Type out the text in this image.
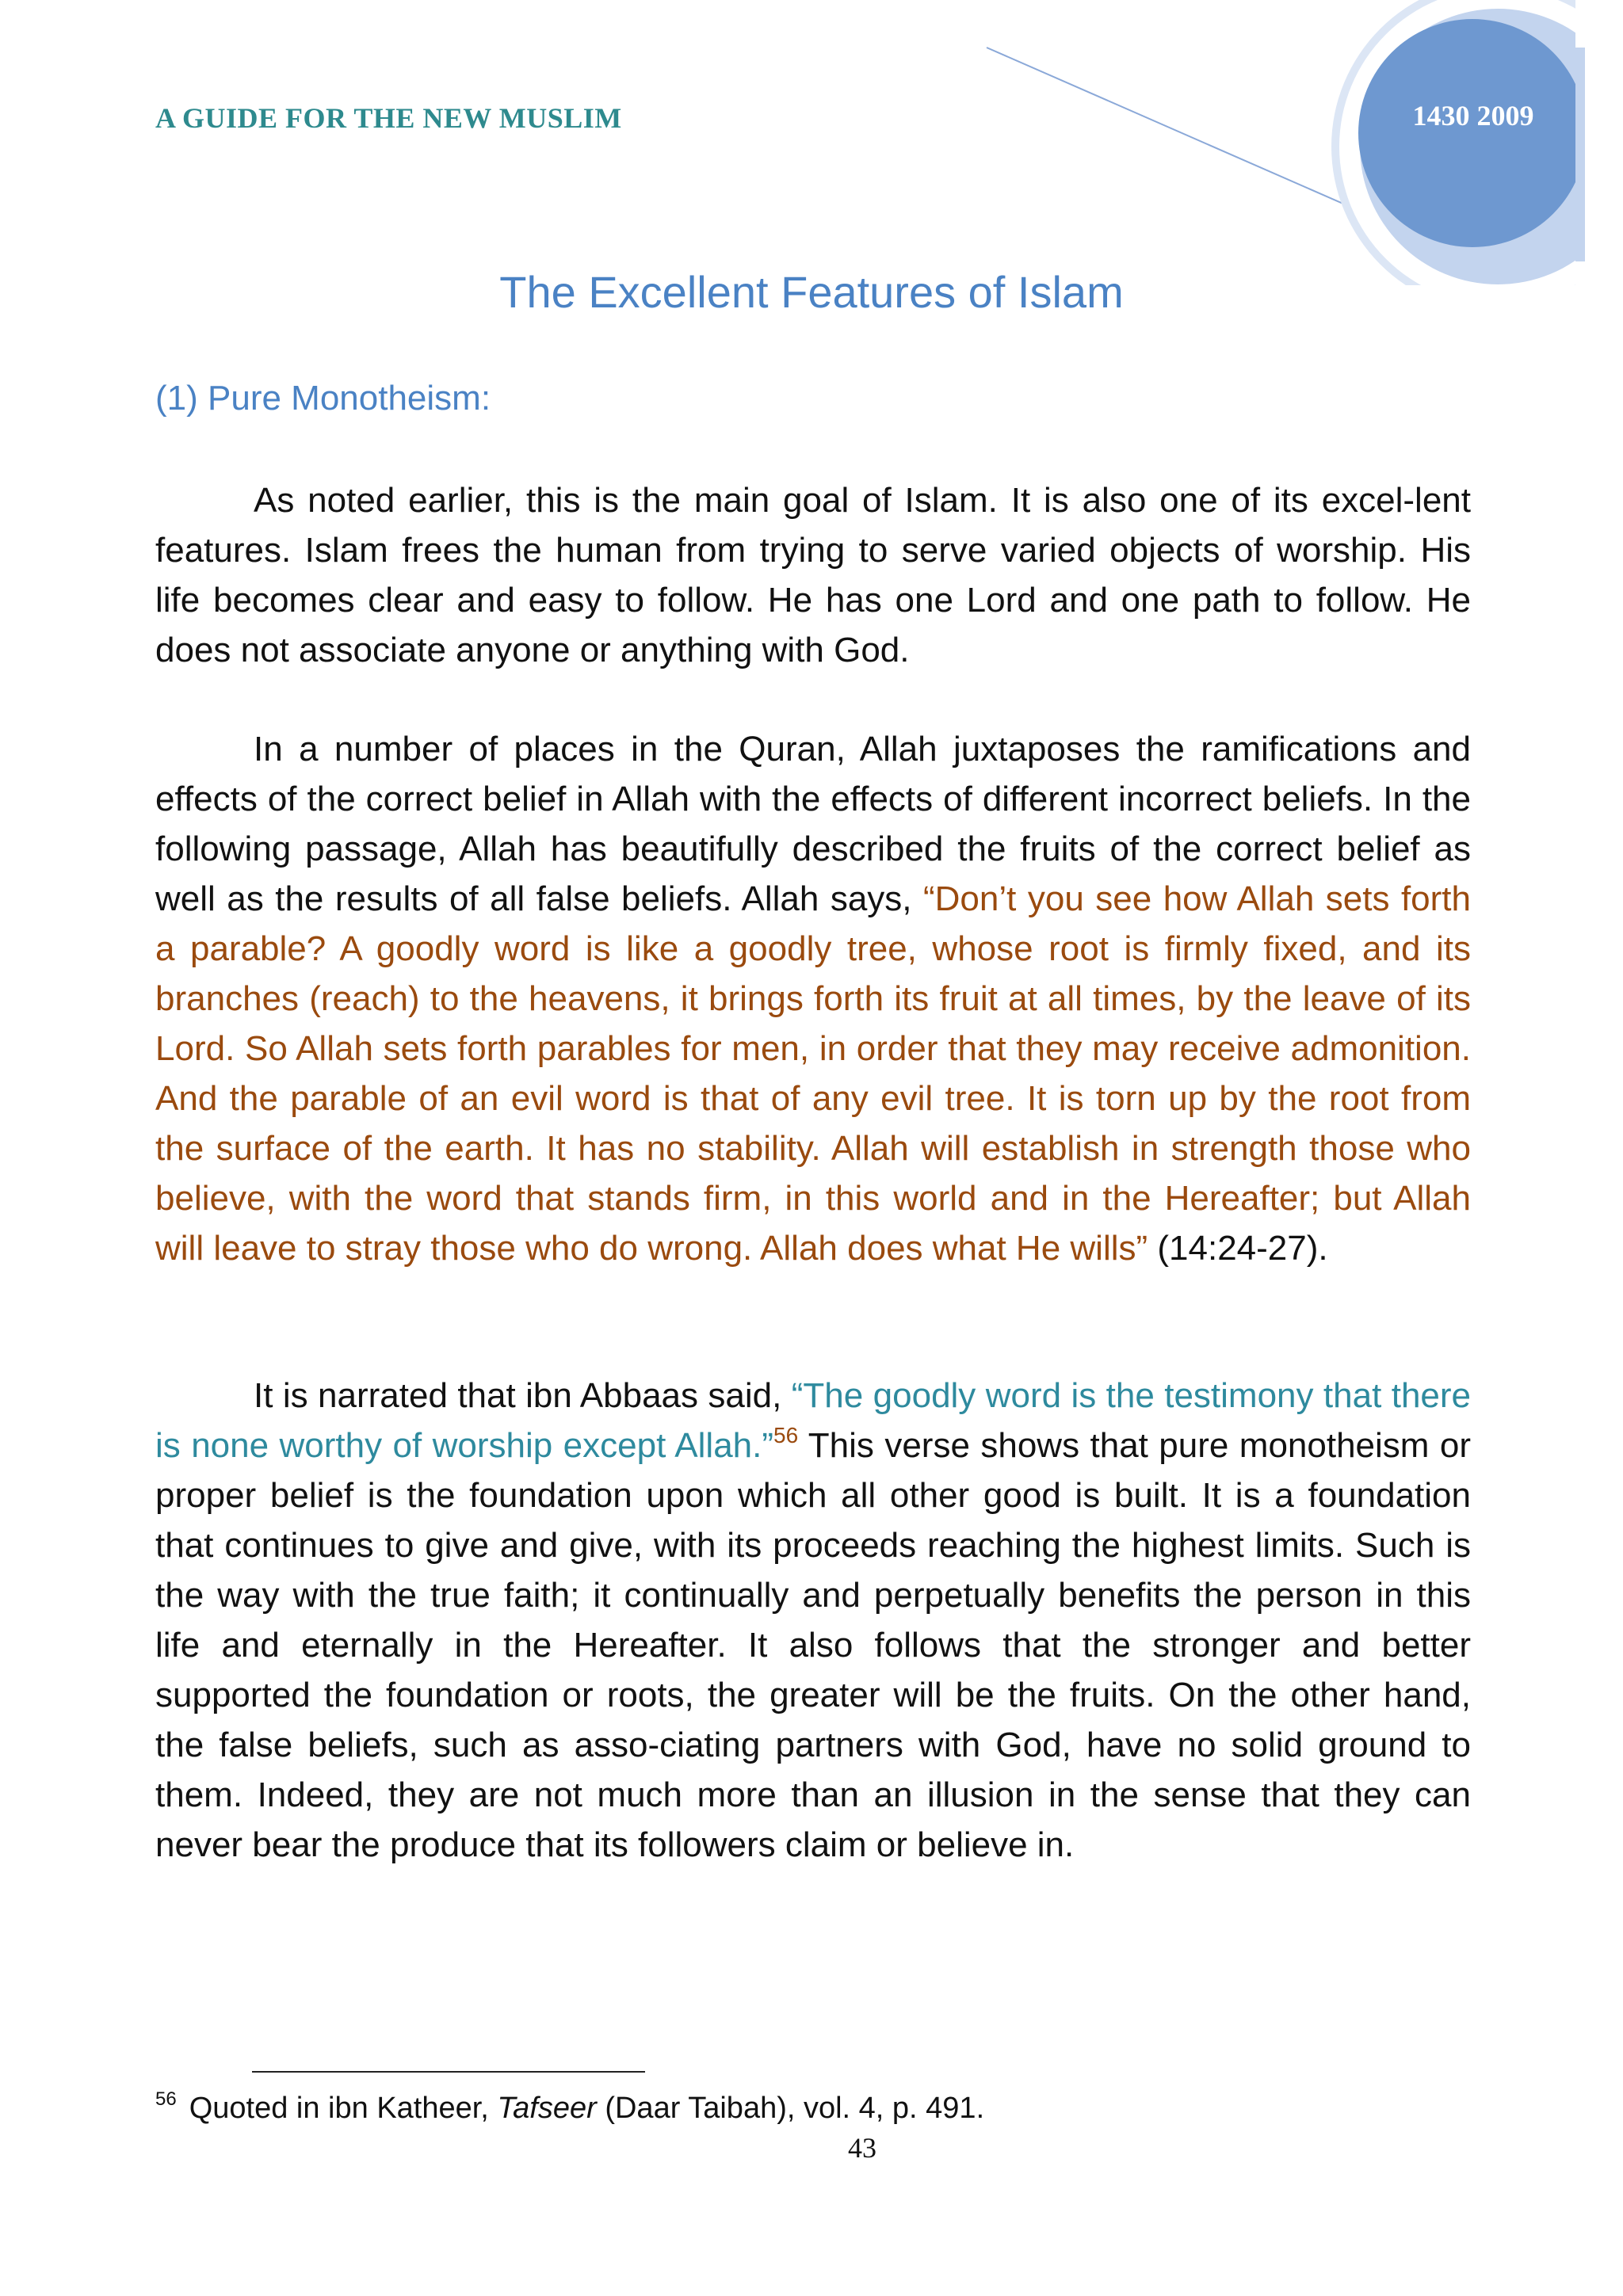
A GUIDE FOR THE NEW MUSLIM	1430 2009
The Excellent Features of Islam
(1) Pure Monotheism:
As noted earlier, this is the main goal of Islam. It is also one of its excel-lent features. Islam frees the human from trying to serve varied objects of worship. His life becomes clear and easy to follow. He has one Lord and one path to follow. He does not associate anyone or anything with God.
In a number of places in the Quran, Allah juxtaposes the ramifications and effects of the correct belief in Allah with the effects of different incorrect beliefs. In the following passage, Allah has beautifully described the fruits of the correct belief as well as the results of all false beliefs. Allah says, “Don’t you see how Allah sets forth a parable? A goodly word is like a goodly tree, whose root is firmly fixed, and its branches (reach) to the heavens, it brings forth its fruit at all times, by the leave of its Lord. So Allah sets forth parables for men, in order that they may receive admonition. And the parable of an evil word is that of any evil tree. It is torn up by the root from the surface of the earth. It has no stability. Allah will establish in strength those who believe, with the word that stands firm, in this world and in the Hereafter; but Allah will leave to stray those who do wrong. Allah does what He wills” (14:24-27).
It is narrated that ibn Abbaas said, “The goodly word is the testimony that there is none worthy of worship except Allah.”$^{56}$ This verse shows that pure monotheism or proper belief is the foundation upon which all other good is built. It is a foundation that continues to give and give, with its proceeds reaching the highest limits. Such is the way with the true faith; it continually and perpetually benefits the person in this life and eternally in the Hereafter. It also follows that the stronger and better supported the foundation or roots, the greater will be the fruits. On the other hand, the false beliefs, such as asso-ciating partners with God, have no solid ground to them. Indeed, they are not much more than an illusion in the sense that they can never bear the produce that its followers claim or believe in.
$^{56}$ Quoted in ibn Katheer, Tafseer (Daar Taibah), vol. 4, p. 491.
43
